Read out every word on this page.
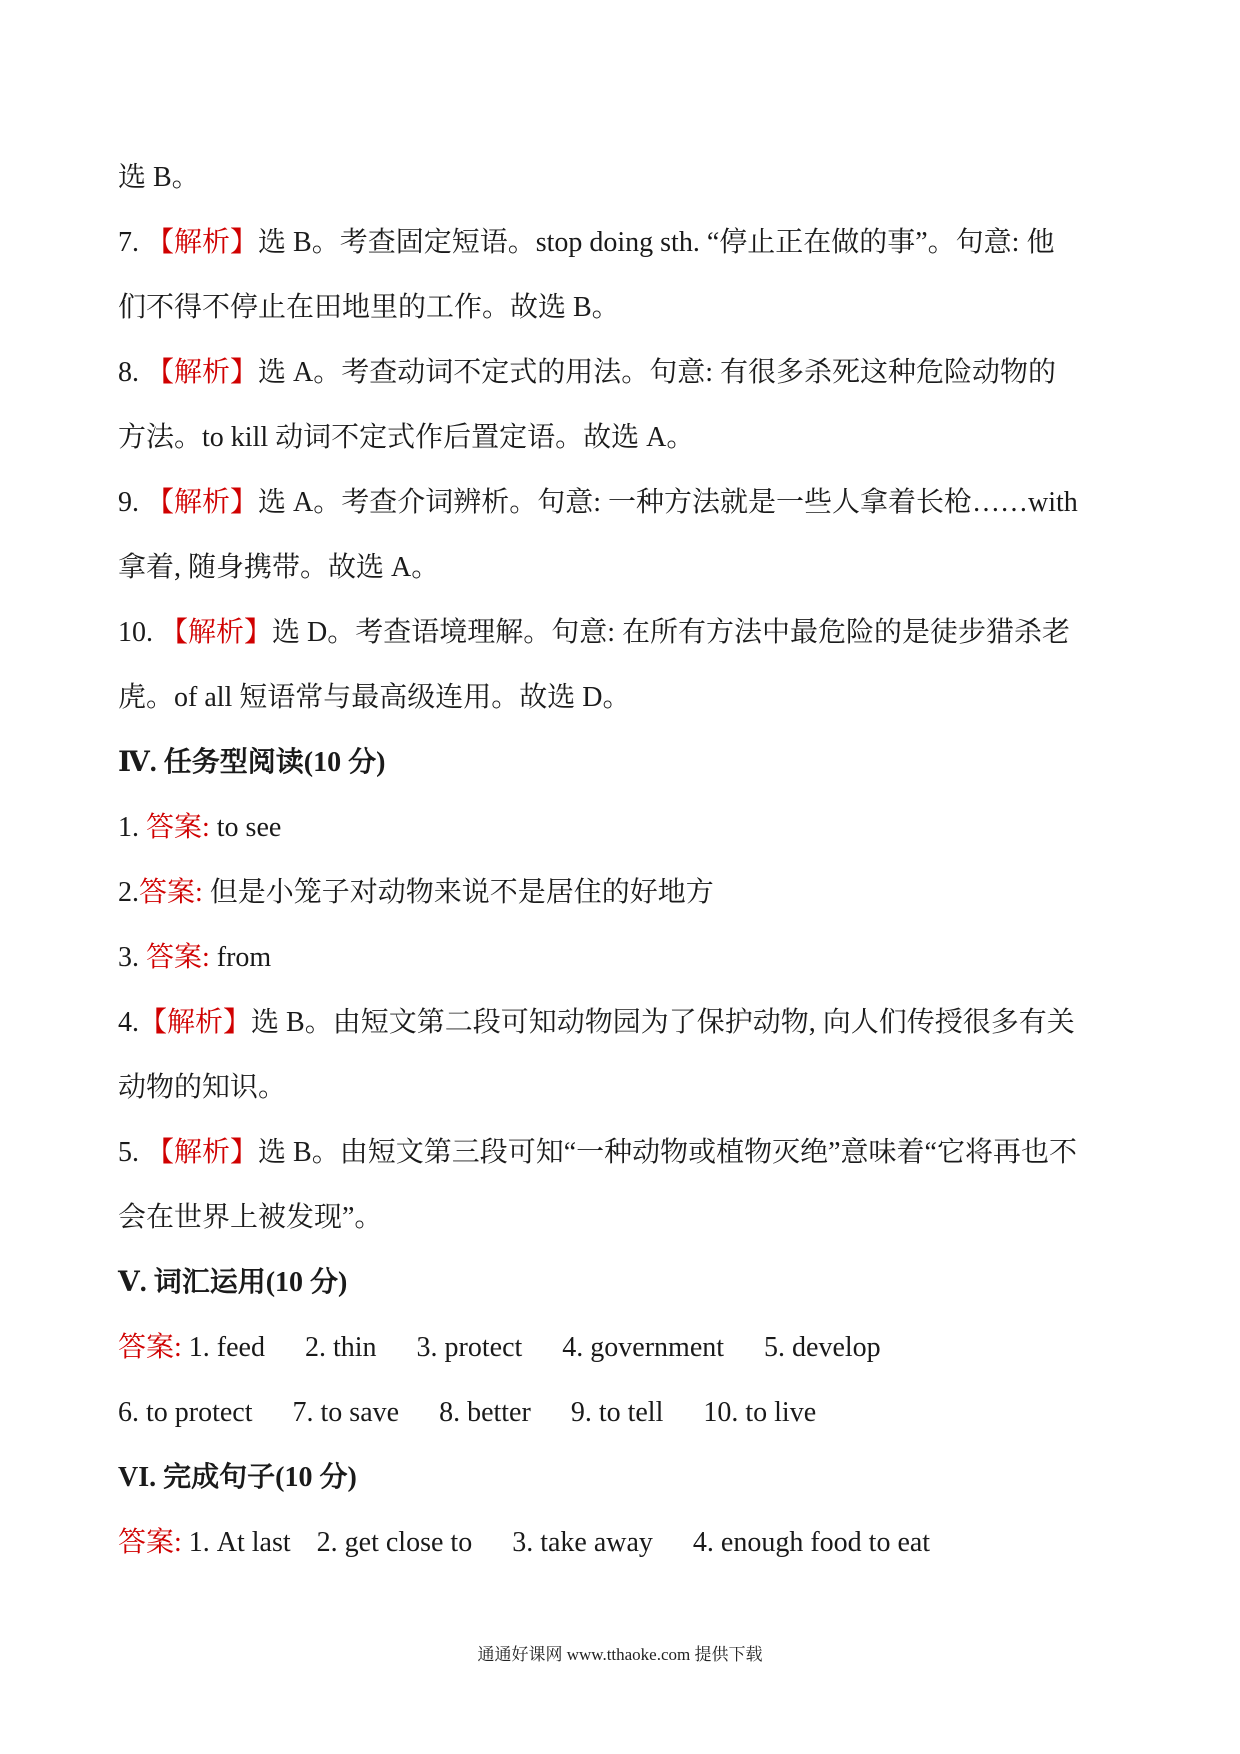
选 B。
7. 【解析】选 B。考查固定短语。stop doing sth. “停止正在做的事”。句意: 他
们不得不停止在田地里的工作。故选 B。
8. 【解析】选 A。考查动词不定式的用法。句意: 有很多杀死这种危险动物的
方法。to kill 动词不定式作后置定语。故选 A。
9. 【解析】选 A。考查介词辨析。句意: 一种方法就是一些人拿着长枪……with
拿着, 随身携带。故选 A。
10. 【解析】选 D。考查语境理解。句意: 在所有方法中最危险的是徒步猎杀老
虎。of all 短语常与最高级连用。故选 D。
Ⅳ. 任务型阅读(10 分)
1. 答案: to see
2.答案: 但是小笼子对动物来说不是居住的好地方
3. 答案: from
4.【解析】选 B。由短文第二段可知动物园为了保护动物, 向人们传授很多有关
动物的知识。
5. 【解析】选 B。由短文第三段可知“一种动物或植物灭绝”意味着“它将再也不
会在世界上被发现”。
Ⅴ. 词汇运用(10 分)
答案: 1. feed 2. thin 3. protect 4. government 5. develop
6. to protect 7. to save 8. better 9. to tell 10. to live
VI. 完成句子(10 分)
答案: 1. At last 2. get close to 3. take away 4. enough food to eat
通通好课网 www.tthaoke.com 提供下载
